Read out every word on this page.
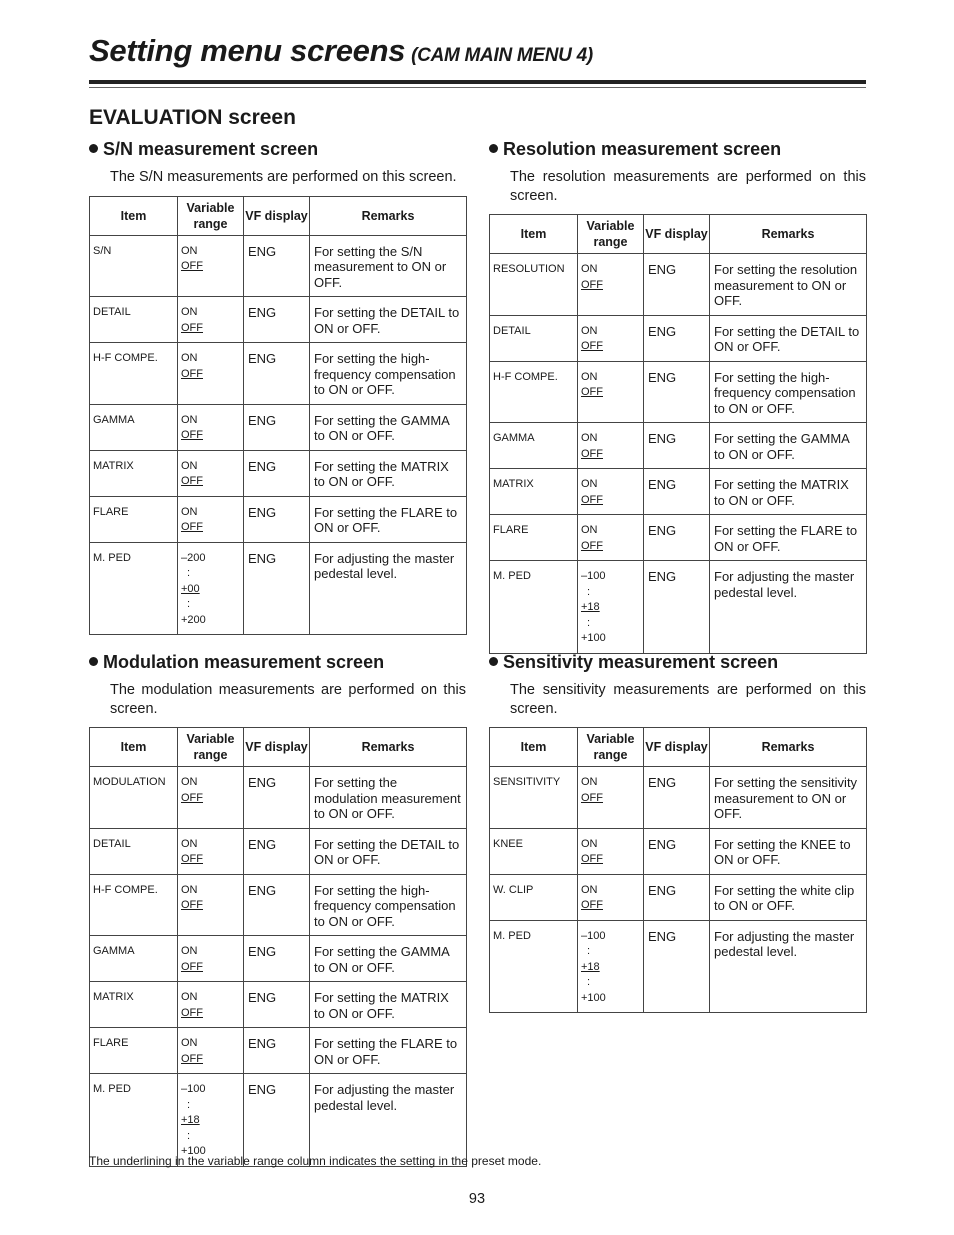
Setting menu screens (CAM MAIN MENU 4)
EVALUATION screen
S/N measurement screen

The S/N measurements are performed on this screen.

Item	Variable range	VF display	Remarks

S/N	ON
OFF	ENG	For setting the S/N measurement to ON or OFF.

DETAIL	ON
OFF	ENG	For setting the DETAIL to ON or OFF.

H-F COMPE.	ON
OFF	ENG	For setting the high-frequency compensation to ON or OFF.

GAMMA	ON
OFF	ENG	For setting the GAMMA to ON or OFF.

MATRIX	ON
OFF	ENG	For setting the MATRIX to ON or OFF.

FLARE	ON
OFF	ENG	For setting the FLARE to ON or OFF.

M. PED	–200
:
+00
:
+200	ENG	For adjusting the master pedestal level.
Resolution measurement screen

The resolution measurements are performed on this screen.

Item	Variable range	VF display	Remarks

RESOLUTION	ON
OFF	ENG	For setting the resolution measurement to ON or OFF.

DETAIL	ON
OFF	ENG	For setting the DETAIL to ON or OFF.

H-F COMPE.	ON
OFF	ENG	For setting the high-frequency compensation to ON or OFF.

GAMMA	ON
OFF	ENG	For setting the GAMMA to ON or OFF.

MATRIX	ON
OFF	ENG	For setting the MATRIX to ON or OFF.

FLARE	ON
OFF	ENG	For setting the FLARE to ON or OFF.

M. PED	–100
:
+18
:
+100	ENG	For adjusting the master pedestal level.
Modulation measurement screen

The modulation measurements are performed on this screen.

Item	Variable range	VF display	Remarks

MODULATION	ON
OFF	ENG	For setting the modulation measurement to ON or OFF.

DETAIL	ON
OFF	ENG	For setting the DETAIL to ON or OFF.

H-F COMPE.	ON
OFF	ENG	For setting the high-frequency compensation to ON or OFF.

GAMMA	ON
OFF	ENG	For setting the GAMMA to ON or OFF.

MATRIX	ON
OFF	ENG	For setting the MATRIX to ON or OFF.

FLARE	ON
OFF	ENG	For setting the FLARE to ON or OFF.

M. PED	–100
:
+18
:
+100	ENG	For adjusting the master pedestal level.
Sensitivity measurement screen

The sensitivity measurements are performed on this screen.

Item	Variable range	VF display	Remarks

SENSITIVITY	ON
OFF	ENG	For setting the sensitivity measurement to ON or OFF.

KNEE	ON
OFF	ENG	For setting the KNEE to ON or OFF.

W. CLIP	ON
OFF	ENG	For setting the white clip to ON or OFF.

M. PED	–100
:
+18
:
+100	ENG	For adjusting the master pedestal level.

The underlining in the variable range column indicates the setting in the preset mode.

93
